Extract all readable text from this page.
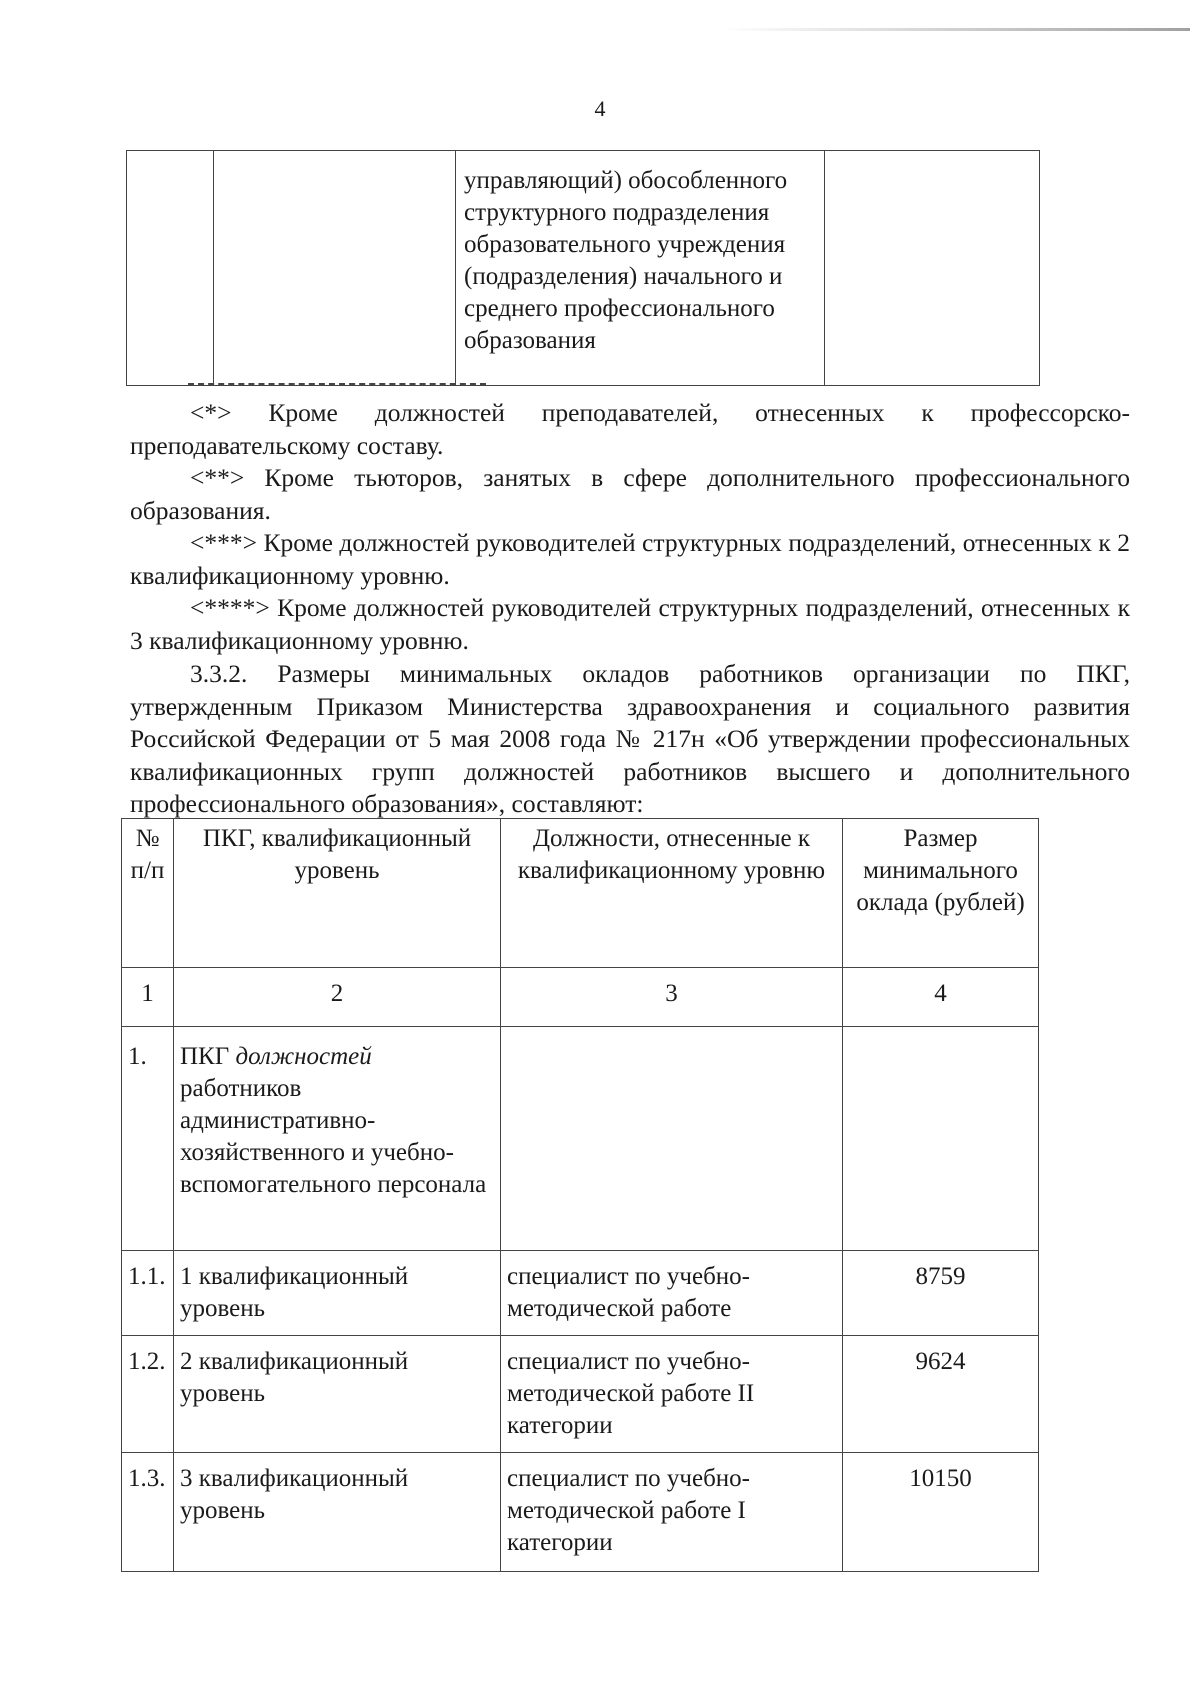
4
		управляющий) обособленного структурного подразделения образовательного учреждения (подразделения) начального и среднего профессионального образования	

<*> Кроме должностей преподавателей, отнесенных к профессорско-преподавательскому составу.

<**> Кроме тьюторов, занятых в сфере дополнительного профессионального образования.

<***> Кроме должностей руководителей структурных подразделений, отнесенных к 2 квалификационному уровню.

<****> Кроме должностей руководителей структурных подразделений, отнесенных к 3 квалификационному уровню.

3.3.2. Размеры минимальных окладов работников организации по ПКГ, утвержденным Приказом Министерства здравоохранения и социального развития Российской Федерации от 5 мая 2008 года № 217н «Об утверждении профессиональных квалификационных групп должностей работников высшего и дополнительного профессионального образования», составляют:

№ п/п	ПКГ, квалификационный уровень	Должности, отнесенные к квалификационному уровню	Размер минимального оклада (рублей)
1	2	3	4
1.	ПКГ должностей работников административно-хозяйственного и учебно-вспомогательного персонала		
1.1.	1 квалификационный уровень	специалист по учебно-методической работе	8759
1.2.	2 квалификационный уровень	специалист по учебно-методической работе II категории	9624
1.3.	3 квалификационный уровень	специалист по учебно-методической работе I категории	10150
